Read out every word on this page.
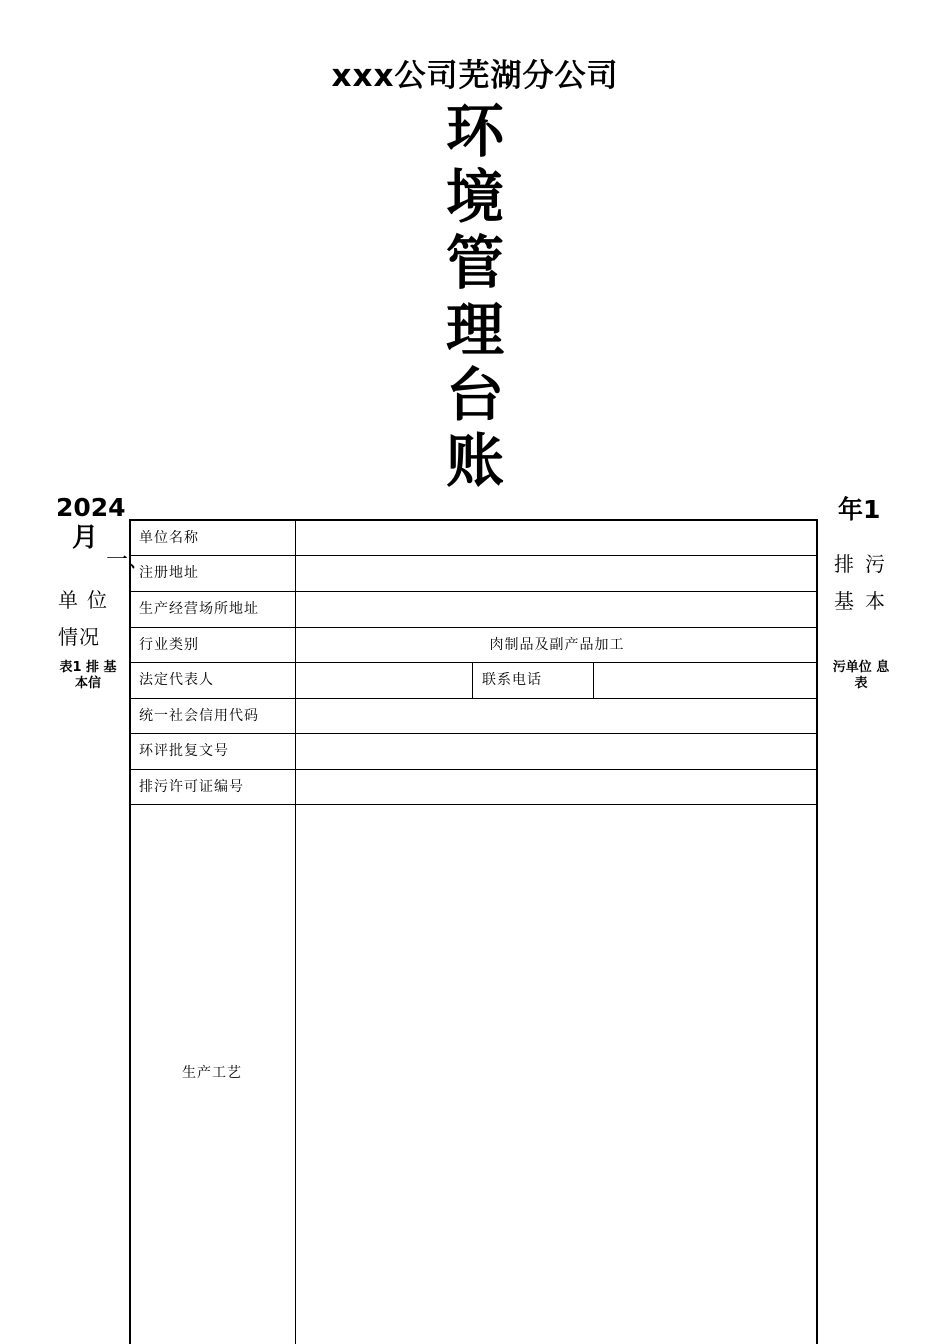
xxx公司芜湖分公司
环
境
管
理
台
账
2024
月
一、
单位
情况
表1 排 基本信
年1
排污
基本
污单位 息表
单位名称
注册地址
生产经营场所地址
行业类别
法定代表人
统一社会信用代码
环评批复文号
排污许可证编号
生产工艺
肉制品及副产品加工
联系电话
